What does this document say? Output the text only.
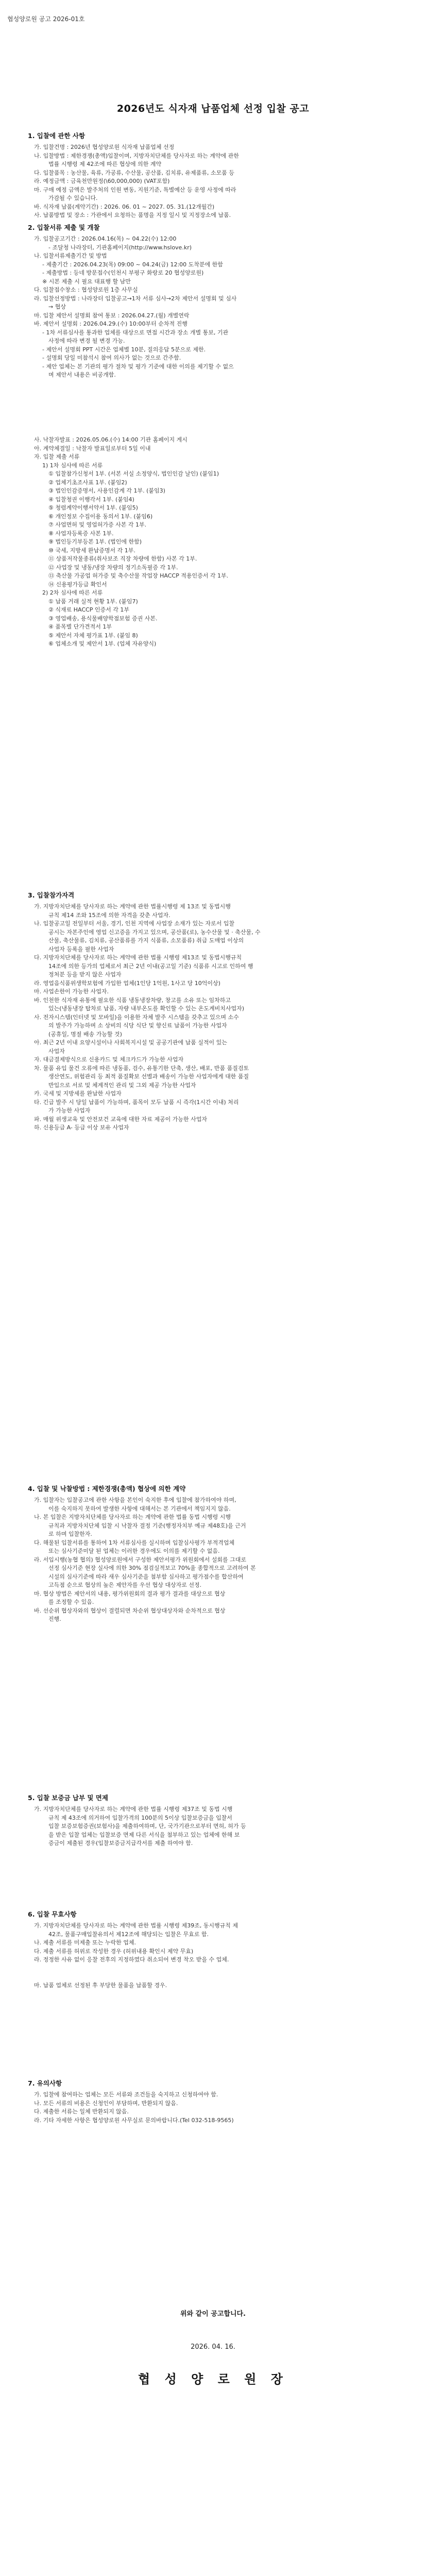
협성양로원 공고 2026-01호
2026년도 식자재 납품업체 선정 입찰 공고
1. 입찰에 관한 사항

가. 입찰건명 : 2026년 협성양로원 식자재 납품업체 선정

나. 입찰방법 : 제한경쟁(총액)입찰이며, 지방자치단체를 당사자로 하는 계약에 관한

법률 시행령 제 42조에 따른 협상에 의한 계약

다. 입찰품목 : 농산물, 육류, 가공류, 수산물, 공산품, 김치류, 유제품류, 소모품 등

라. 예정금액 : 금육천만원정(\60,000,000) (VAT포함)

마. 구매 예정 금액은 발주처의 인원 변동, 지원기준, 특별예산 등 운영 사정에 따라

가감될 수 있습니다.

바. 식자재 납품(계약기간) : 2026. 06. 01 ~ 2027. 05. 31.(12개월간)

사. 납품방법 및 장소 : 가관에서 요청하는 품명을 지정 일시 및 지정장소에 납품.

2. 입찰서류 제출 및 개찰

가. 입찰공고기간 : 2026.04.16(목) ~ 04.22(수) 12:00

- 조달청 나라장터, 기관홈페이지(http://www.hslove.kr)

나. 입찰서류제출기간 및 방법

- 제출기간 : 2026.04.23(목) 09:00 ~ 04.24(금) 12:00 도착분에 한함

- 제출방법 : 등네 방문접수(인천시 부평구 화랑로 20 협성양로원)

※ 시본 제출 시 필요 대표행 할 남만

다. 입찰접수창소 : 협성양로원 1층 사무실

라. 입찰선정방법 : 나라장터 입찰공고→1차 서류 심사→2차 제안서 설명회 및 심사

→ 협상

마. 입찰 제안서 설명회 참여 통보 : 2026.04.27.(월) 개별연락

바. 제안서 설명회 : 2026.04.29.(수) 10:00부터 순차적 진행

- 1차 서류심사를 통과한 업체를 대상으로 면접 시간과 장소 개별 통보, 기관

사정에 따라 변경 될 변경 가능.

- 제안서 설명회 PPT 시간은 업체별 10분, 질의응답 5분으로 제한.

- 설명회 당일 미참석시 참여 의사가 없는 것으로 간주함.

- 제안 업체는 본 기관의 평가 절차 및 평가 기준에 대한 이의를 제기할 수 없으

며 제안서 내용은 비공개함.

사. 낙찰자발표 : 2026.05.06.(수) 14:00 기관 홈페이지 게시

아. 계약체결일 : 낙찰자 발표일로부터 5일 이내

자. 입찰 제출 서류

1) 1차 심사에 따른 서류

① 입찰참가신청서 1부. (서본 서실 소정양식, 법인인감 날인) (붙임1)

② 업체기초조사표 1부. (붙임2)

③ 법인인감증명서, 사용인감계 각 1부. (붙임3)

④ 입찰청권 이행각서 1부. (붙임4)

⑤ 청렴계약이행서약서 1부. (붙임5)

⑥ 개인정보 수집이용 동의서 1부. (붙임6)

⑦ 사업면허 및 영업허가증 사본 각 1부.

⑧ 사업자등록증 사본 1부.

⑨ 법인등기부등본 1부. (법인에 한함)

⑩ 국세, 지방세 완납증명서 각 1부.

⑪ 상품저작물종류(취사보조 직장 차량에 한함) 사본 각 1부.

⑫ 사업장 및 냉동/냉장 차량의 정기소독필증 각 1부.

⑬ 축산물 가공업 허가증 및 축수산물 작업장 HACCP 적용인증서 각 1부.

⑭ 신용평가등급 확인서

2) 2차 심사에 따른 서류

① 납품 거래 실적 현황 1부. (붙임7)

② 식재료 HACCP 인증서 각 1부

③ 영업배송, 용식물배양학점보험 증권 사본.

④ 품목별 단가견적서 1부

⑤ 제안서 자체 평가표 1부. (붙임 8)

⑥ 업체소개 및 제안서 1부. (업체 자유양식)

3. 입찰참가자격

가. 지방자치단체를 당사자로 하는 계약에 관한 법률시행령 제 13조 및 동법시행

규칙 제14 조와 15조에 의한 자격을 갖춘 사업자.

나. 입찰공고일 전일부터 서울, 경기, 인천 지역에 사업장 소재가 있는 자로서 입찰

공시는 자본주인에 영업 신고증을 가지고 있으며, 공산품(로), 농수산물 및 · 축산물, 수

산물, 축산물류, 김치류, 공산품류를 가지 식품류, 소모품류) 취급 도매업 이상의

사업자 등록을 필한 사업자

다. 지방자치단체를 당사자로 하는 계약에 관한 법률 시행령 제13조 및 동법시행규칙

14조에 의한 등가의 업체로서 최근 2년 이내(공고일 기준) 식품류 시고로 인하여 행

정처분 등을 받지 않은 사업자

라. 영업음식품위생학보험에 가입한 업체(1인당 1억원, 1사고 당 10억이상)

마. 사업손한이 가능한 사업자.

바. 인천한 식자재 유통에 필요한 식품 냉동냉장차량, 창고를 소유 또는 임차하고

있는(냉동냉장 탑차로 납품, 자량 내부온도를 확인할 수 있는 온도계비치사업자)

사. 전자시스템(인터넷 및 모바일)을 이용한 자체 발주 시스템을 갖추고 있으며 소수

의 발주가 가능하며 소 상비의 식당 식단 및 향신료 납품이 가능한 사업자

(공휴일, 명절 배송 가능할 것)

아. 최근 2년 이내 요양시설이나 사회복지시설 및 공공기관에 납품 실적이 있는

사업자

자. 대금결제방식으로 신용카드 및 체크카드가 가능한 사업자

차. 물품 유입 물건 오류에 따른 냉동품, 검수, 유통기한 단축, 생산, 배포, 반품 품질검토

생산연도, 위험관리 등 최적 품질확보 선별과 배송이 가능한 사업자에게 대한 품질

반입으로 서로 및 체계적인 관리 및 그외 제공 가능한 사업자

카. 국세 및 지방세를 완납한 사업자

타. 긴급 발주 시 당일 납품이 가능하며, 품목이 모두 납품 시 즉각(1시간 이내) 처리

가 가능한 사업자

파. 매월 위생교육 및 안전보건 교육에 대한 자료 제공이 가능한 사업자

하. 신용등급 A- 등급 이상 보유 사업자

4. 입찰 및 낙찰방법 : 제한경쟁(총액) 협상에 의한 계약

가. 입찰자는 입찰공고에 관한 사항을 본인이 숙지한 후에 입찰에 참가하여야 하며,

이를 숙지하지 못하여 발생한 사항에 대해서는 본 기관에서 책임지지 않음.

나. 본 입찰은 지방자치단체를 당사자로 하는 계약에 관한 법률 동법 시행령 시행

규칙과 지방자치단체 입찰 시 낙찰자 결정 기준(행정자치부 예규 제48호)을 근거

로 하며 입찰한자.

다. 해물된 입찰서류를 통하여 1차 서류심사를 실시하며 입찰심사평가 부적격업체

또는 심사기준미달 된 업체는 이러한 경우에도 이의를 제기할 수 없음.

라. 서입시행(농협 협의) 협성양로원에서 구성한 제안서평가 위원회에서 설회를 그대로

선정 심사기준 현장 실사에 의한 30% 점검실적보고 70%율 종합적으로 고려하여 본

시설의 심사기준에 따라 새우 심사기준을 첨부함 심사하고 평가점수를 합산하여

고득점 순으로 협상의 높은 제안자를 우선 협상 대상자로 선정.

마. 협상 방법은 제안서의 내용, 평가위원회의 결과 평가 결과를 대상으로 협상

를 조정할 수 있음.

바. 선순위 협상자와의 협상이 결렬되면 차순위 협상대상자와 순차적으로 협상

진행.

5. 입찰 보증금 납부 및 면제

가. 지방자치단체를 당사자로 하는 계약에 관한 법률 시행령 제37조 및 동법 시행

규칙 제 43조에 의거하여 입찰가격의 100분의 5이상 입찰보증금을 입찰서

입찰 보증보험증권(보험사)을 제출하여하며, 단, 국가기관으로부터 면허, 허가 등

을 받은 입찰 업체는 입찰보증 면제 다른 서식을 첨부하고 있는 업체에 한해 보

증금이 제출된 경우(입찰보증금지급각서를 제출 하여야 함.

6. 입찰 무효사항

가. 지방자치단체를 당사자로 하는 계약에 관한 법률 시행령 제39조, 동시행규칙 제

42조, 물품구매입찰유의서 제12조에 해당되는 입찰은 무효로 함.

나. 제출 서류를 미제출 또는 누락한 업체.

다. 제출 서류를 허위로 작성한 경우 (허위내용 확인시 제약 무효)

라. 정정한 사유 없이 응찰 전후의 지정하였다 취소되어 변경 착오 받을 수 업체.

마. 납품 업체로 선정된 후 부당한 물품을 납품할 경우.

7. 유의사항

가. 입찰에 참여하는 업체는 모든 서류와 조건들을 숙지하고 신청하여야 함.

나. 모든 서류의 비용은 신청인이 부담하며, 반환되지 않음.

다. 제출한 서류는 일체 반환되지 않음.

라. 기타 자세한 사항은 협성양로원 사무실로 문의바랍니다.(Tel 032-518-9565)

위와 같이 공고합니다.
2026. 04. 16.
협 성 양 로 원 장
